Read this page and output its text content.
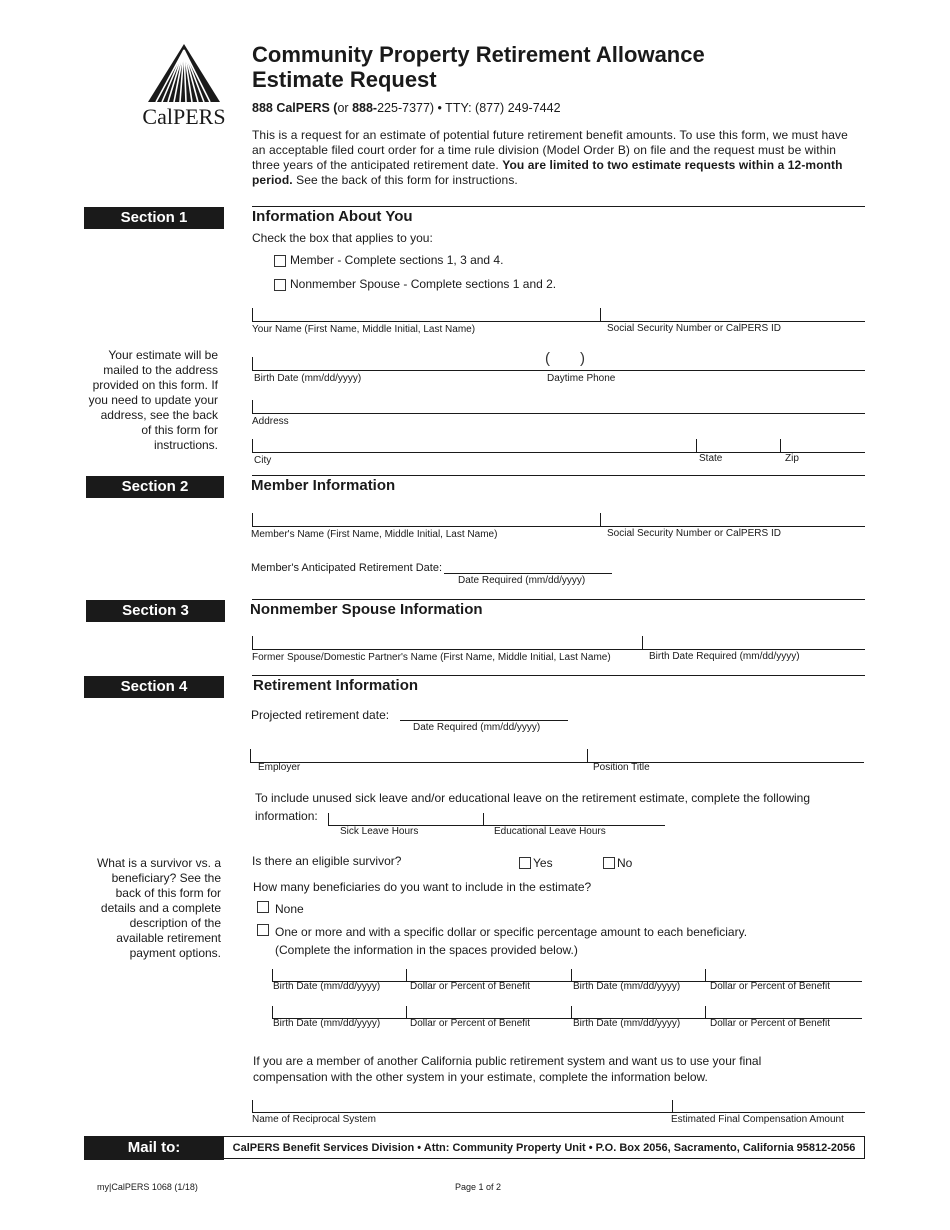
CalPERS
Community Property Retirement Allowance
Estimate Request
888 CalPERS (or 888-225-7377) • TTY: (877) 249-7442
This is a request for an estimate of potential future retirement benefit amounts. To use this form, we must have an acceptable filed court order for a time rule division (Model Order B) on file and the request must be within three years of the anticipated retirement date. You are limited to two estimate requests within a 12-month period. See the back of this form for instructions.
Section 1	Information About You
Check the box that applies to you:
Member - Complete sections 1, 3 and 4.
Nonmember Spouse - Complete sections 1 and 2.
Your Name (First Name, Middle Initial, Last Name)	Social Security Number or CalPERS ID
( )
Birth Date (mm/dd/yyyy)	Daytime Phone
Address
City	State	Zip
Your estimate will be mailed to the address provided on this form. If you need to update your address, see the back of this form for instructions.
Section 2	Member Information
Member's Name (First Name, Middle Initial, Last Name)	Social Security Number or CalPERS ID
Member's Anticipated Retirement Date:
Date Required (mm/dd/yyyy)
Section 3	Nonmember Spouse Information
Former Spouse/Domestic Partner's Name (First Name, Middle Initial, Last Name)	Birth Date Required (mm/dd/yyyy)
Section 4	Retirement Information
Projected retirement date:
Date Required (mm/dd/yyyy)
Employer	Position Title
To include unused sick leave and/or educational leave on the retirement estimate, complete the following
information:
Sick Leave Hours	Educational Leave Hours
Is there an eligible survivor?	Yes	No
How many beneficiaries do you want to include in the estimate?
None
One or more and with a specific dollar or specific percentage amount to each beneficiary.
(Complete the information in the spaces provided below.)
Birth Date (mm/dd/yyyy)	Dollar or Percent of Benefit	Birth Date (mm/dd/yyyy)	Dollar or Percent of Benefit
Birth Date (mm/dd/yyyy)	Dollar or Percent of Benefit	Birth Date (mm/dd/yyyy)	Dollar or Percent of Benefit
If you are a member of another California public retirement system and want us to use your final
compensation with the other system in your estimate, complete the information below.
Name of Reciprocal System	Estimated Final Compensation Amount
What is a survivor vs. a beneficiary? See the back of this form for details and a complete description of the available retirement payment options.
Mail to:	CalPERS Benefit Services Division • Attn: Community Property Unit • P.O. Box 2056, Sacramento, California 95812-2056
my|CalPERS 1068 (1/18)	Page 1 of 2
